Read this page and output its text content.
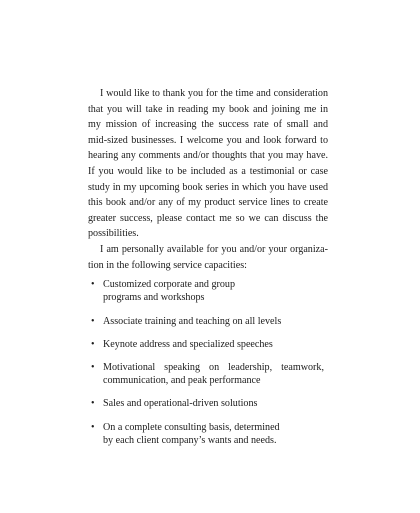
I would like to thank you for the time and consideration that you will take in reading my book and joining me in my mission of increasing the success rate of small and mid-sized businesses. I welcome you and look forward to hearing any comments and/or thoughts that you may have. If you would like to be included as a testimonial or case study in my upcoming book series in which you have used this book and/or any of my product service lines to create greater success, please contact me so we can discuss the possibilities.

I am personally available for you and/or your organization in the following service capacities:

• Customized corporate and group programs and workshops
• Associate training and teaching on all levels
• Keynote address and specialized speeches
• Motivational speaking on leadership, teamwork, communication, and peak performance
• Sales and operational-driven solutions
• On a complete consulting basis, determined by each client company’s wants and needs.
